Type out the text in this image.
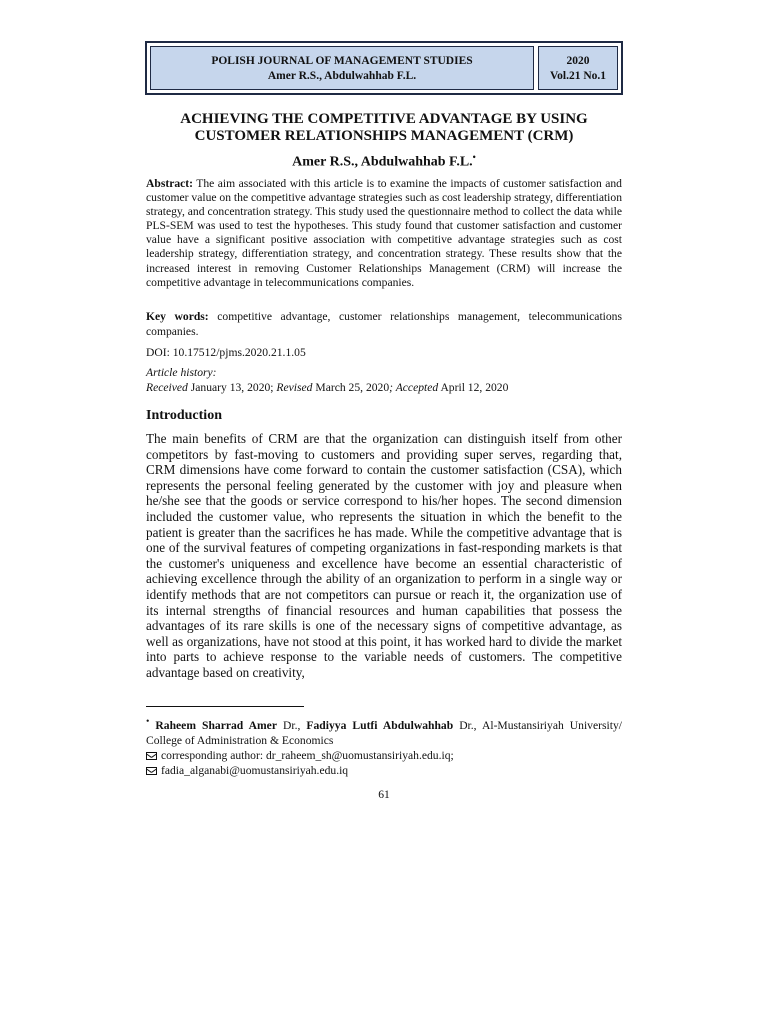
POLISH JOURNAL OF MANAGEMENT STUDIES
Amer R.S., Abdulwahhab F.L.
2020
Vol.21 No.1
ACHIEVING THE COMPETITIVE ADVANTAGE BY USING
CUSTOMER RELATIONSHIPS MANAGEMENT (CRM)
Amer R.S., Abdulwahhab F.L.•
Abstract: The aim associated with this article is to examine the impacts of customer satisfaction and customer value on the competitive advantage strategies such as cost leadership strategy, differentiation strategy, and concentration strategy. This study used the questionnaire method to collect the data while PLS-SEM was used to test the hypotheses. This study found that customer satisfaction and customer value have a significant positive association with competitive advantage strategies such as cost leadership strategy, differentiation strategy, and concentration strategy. These results show that the increased interest in removing Customer Relationships Management (CRM) will increase the competitive advantage in telecommunications companies.
Key words: competitive advantage, customer relationships management, telecommunications companies.
DOI: 10.17512/pjms.2020.21.1.05
Article history:
Received January 13, 2020; Revised March 25, 2020; Accepted April 12, 2020
Introduction
The main benefits of CRM are that the organization can distinguish itself from other competitors by fast-moving to customers and providing super serves, regarding that, CRM dimensions have come forward to contain the customer satisfaction (CSA), which represents the personal feeling generated by the customer with joy and pleasure when he/she see that the goods or service correspond to his/her hopes. The second dimension included the customer value, who represents the situation in which the benefit to the patient is greater than the sacrifices he has made. While the competitive advantage that is one of the survival features of competing organizations in fast-responding markets is that the customer's uniqueness and excellence have become an essential characteristic of achieving excellence through the ability of an organization to perform in a single way or identify methods that are not competitors can pursue or reach it, the organization use of its internal strengths of financial resources and human capabilities that possess the advantages of its rare skills is one of the necessary signs of competitive advantage, as well as organizations, have not stood at this point, it has worked hard to divide the market into parts to achieve response to the variable needs of customers. The competitive advantage based on creativity,
• Raheem Sharrad Amer Dr., Fadiyya Lutfi Abdulwahhab Dr., Al-Mustansiriyah University/ College of Administration & Economics
corresponding author: dr_raheem_sh@uomustansiriyah.edu.iq;
fadia_alganabi@uomustansiriyah.edu.iq
61
